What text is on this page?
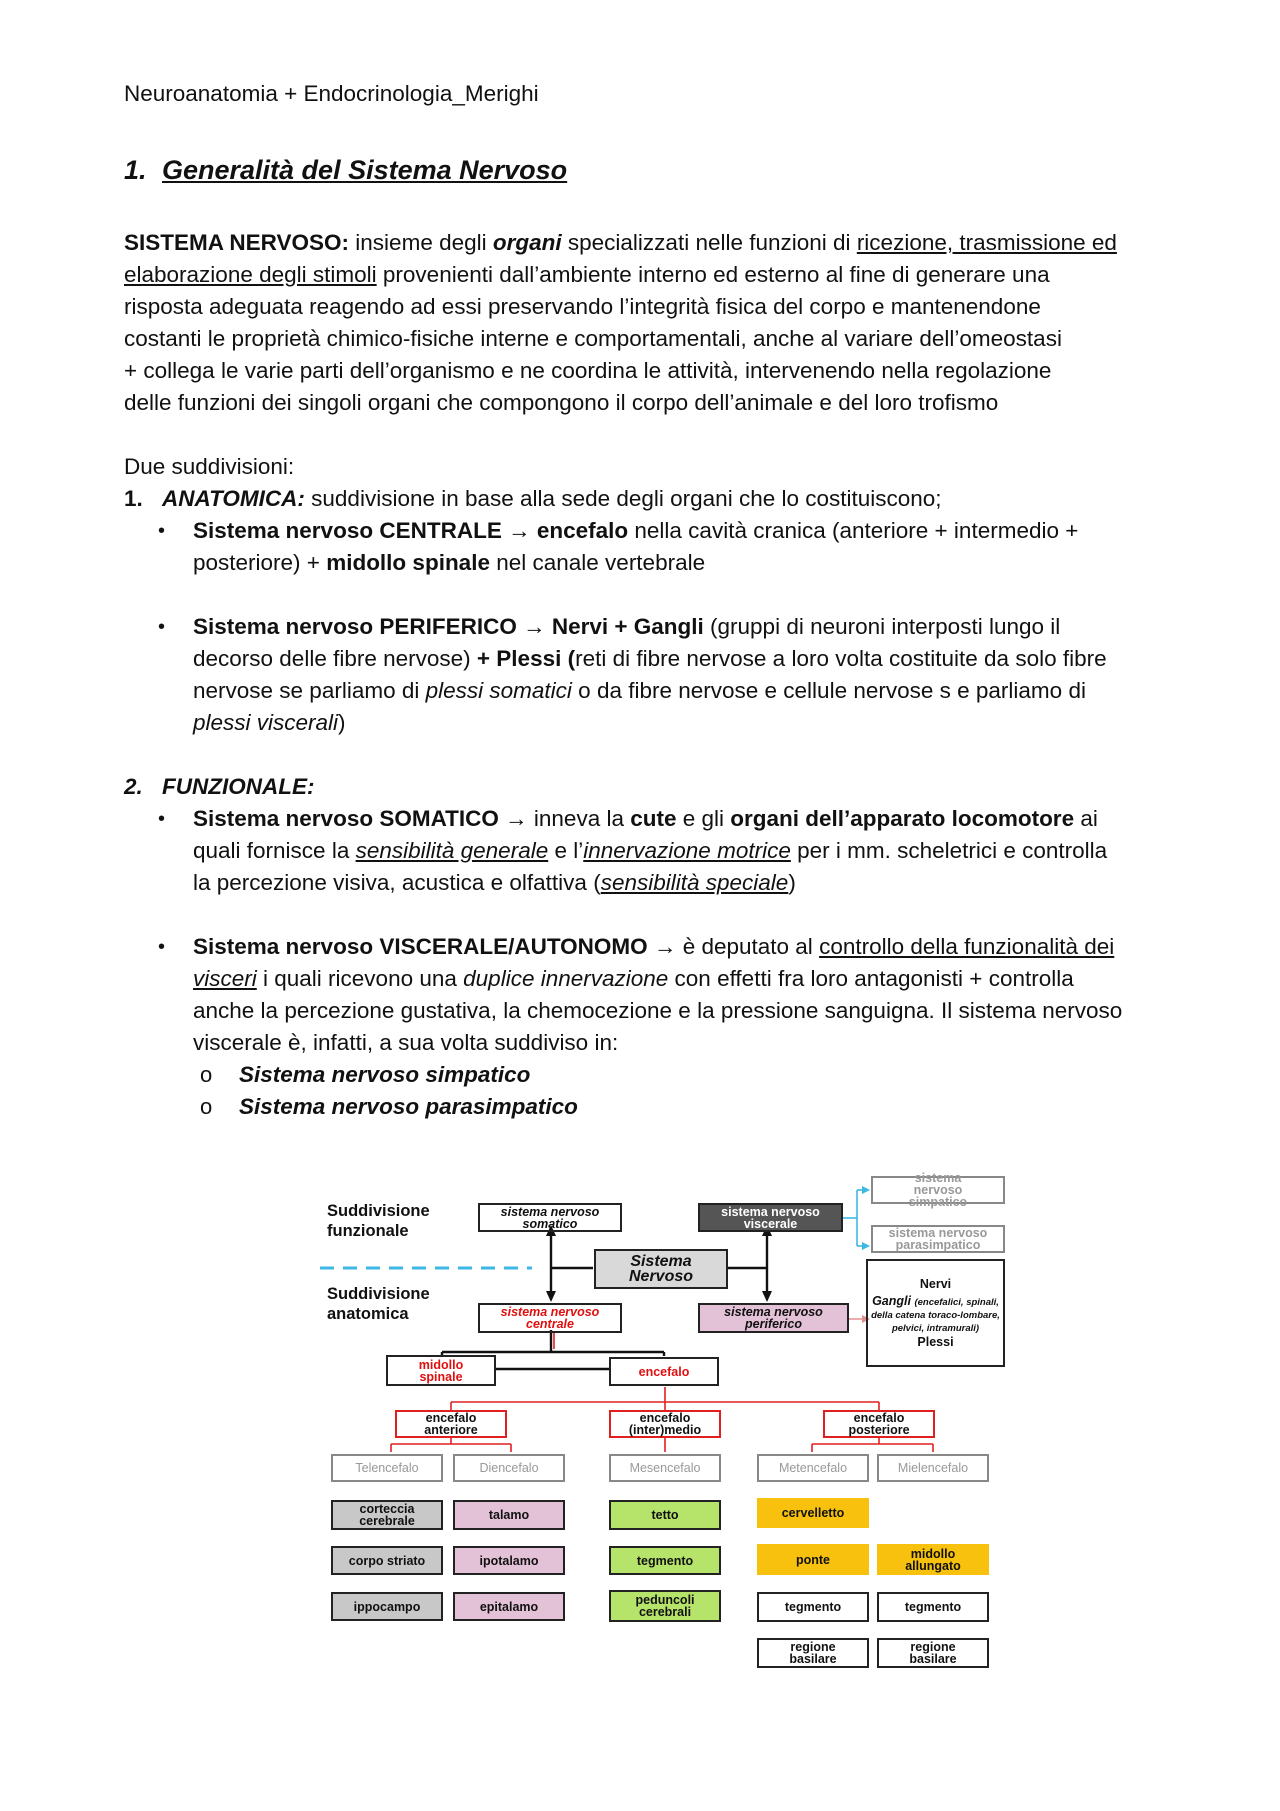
Neuroanatomia + Endocrinologia_Merighi
1. Generalità del Sistema Nervoso
SISTEMA NERVOSO: insieme degli organi specializzati nelle funzioni di ricezione, trasmissione ed
elaborazione degli stimoli provenienti dall’ambiente interno ed esterno al fine di generare una
risposta adeguata reagendo ad essi preservando l’integrità fisica del corpo e mantenendone
costanti le proprietà chimico-fisiche interne e comportamentali, anche al variare dell’omeostasi
+ collega le varie parti dell’organismo e ne coordina le attività, intervenendo nella regolazione
delle funzioni dei singoli organi che compongono il corpo dell’animale e del loro trofismo
Due suddivisioni:
1. ANATOMICA: suddivisione in base alla sede degli organi che lo costituiscono;
• Sistema nervoso CENTRALE → encefalo nella cavità cranica (anteriore + intermedio +
posteriore) + midollo spinale nel canale vertebrale
• Sistema nervoso PERIFERICO → Nervi + Gangli (gruppi di neuroni interposti lungo il
decorso delle fibre nervose) + Plessi (reti di fibre nervose a loro volta costituite da solo fibre
nervose se parliamo di plessi somatici o da fibre nervose e cellule nervose s e parliamo di
plessi viscerali)
2. FUNZIONALE:
• Sistema nervoso SOMATICO → inneva la cute e gli organi dell’apparato locomotore ai
quali fornisce la sensibilità generale e l’innervazione motrice per i mm. scheletrici e controlla
la percezione visiva, acustica e olfattiva (sensibilità speciale)
• Sistema nervoso VISCERALE/AUTONOMO → è deputato al controllo della funzionalità dei
visceri i quali ricevono una duplice innervazione con effetti fra loro antagonisti + controlla
anche la percezione gustativa, la chemocezione e la pressione sanguigna. Il sistema nervoso
viscerale è, infatti, a sua volta suddiviso in:
o Sistema nervoso simpatico
o Sistema nervoso parasimpatico
Suddivisione funzionale
Suddivisione anatomica
Sistema Nervoso
sistema nervoso somatico
sistema nervoso viscerale
sistema nervoso simpatico
sistema nervoso parasimpatico
sistema nervoso centrale
sistema nervoso periferico
Nervi
Gangli (encefalici, spinali, della catena toraco-lombare, pelvici, intramurali)
Plessi
midollo spinale	encefalo
encefalo anteriore
encefalo (inter)medio
encefalo posteriore
Telencefalo	Diencefalo	Mesencefalo	Metencefalo	Mielencefalo
corteccia cerebrale
corpo striato
ippocampo
talamo
ipotalamo
epitalamo
tetto
tegmento
peduncoli cerebrali
cervelletto
ponte	midollo allungato
tegmento	tegmento
regione basilare
regione basilare
